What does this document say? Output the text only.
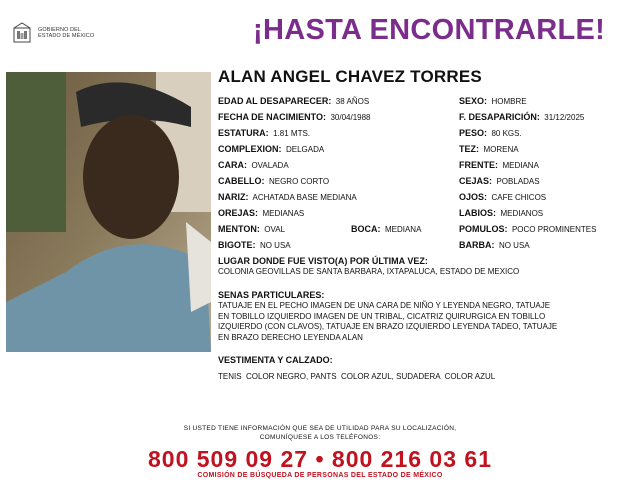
GOBIERNO DEL
ESTADO DE MÉXICO	¡HASTA ENCONTRARLE!
ALAN ANGEL CHAVEZ TORRES
EDAD AL DESAPARECER: 38 AÑOS	SEXO: HOMBRE
FECHA DE NACIMIENTO: 30/04/1988	F. DESAPARICIÓN: 31/12/2025
ESTATURA: 1.81 MTS.	PESO: 80 KGS.
COMPLEXION: DELGADA	TEZ: MORENA
CARA: OVALADA	FRENTE: MEDIANA
CABELLO: NEGRO CORTO	CEJAS: POBLADAS
NARIZ: ACHATADA BASE MEDIANA	OJOS: CAFE CHICOS
OREJAS: MEDIANAS	LABIOS: MEDIANOS
MENTON: OVAL	BOCA: MEDIANA	POMULOS: POCO PROMINENTES
BIGOTE: NO USA	BARBA: NO USA
LUGAR DONDE FUE VISTO(A) POR ÚLTIMA VEZ:
COLONIA GEOVILLAS DE SANTA BARBARA, IXTAPALUCA, ESTADO DE MEXICO
SENAS PARTICULARES:
TATUAJE EN EL PECHO IMAGEN DE UNA CARA DE NIÑO Y LEYENDA NEGRO, TATUAJE
EN TOBILLO IZQUIERDO IMAGEN DE UN TRIBAL, CICATRIZ QUIRURGICA EN TOBILLO
IZQUIERDO (CON CLAVOS), TATUAJE EN BRAZO IZQUIERDO LEYENDA TADEO, TATUAJE
EN BRAZO DERECHO LEYENDA ALAN
VESTIMENTA Y CALZADO:
TENIS  COLOR NEGRO, PANTS  COLOR AZUL, SUDADERA  COLOR AZUL
SI USTED TIENE INFORMACIÓN QUE SEA DE UTILIDAD PARA SU LOCALIZACIÓN,
COMUNÍQUESE A LOS TELÉFONOS:
800 509 09 27 • 800 216 03 61
COMISIÓN DE BÚSQUEDA DE PERSONAS DEL ESTADO DE MÉXICO
